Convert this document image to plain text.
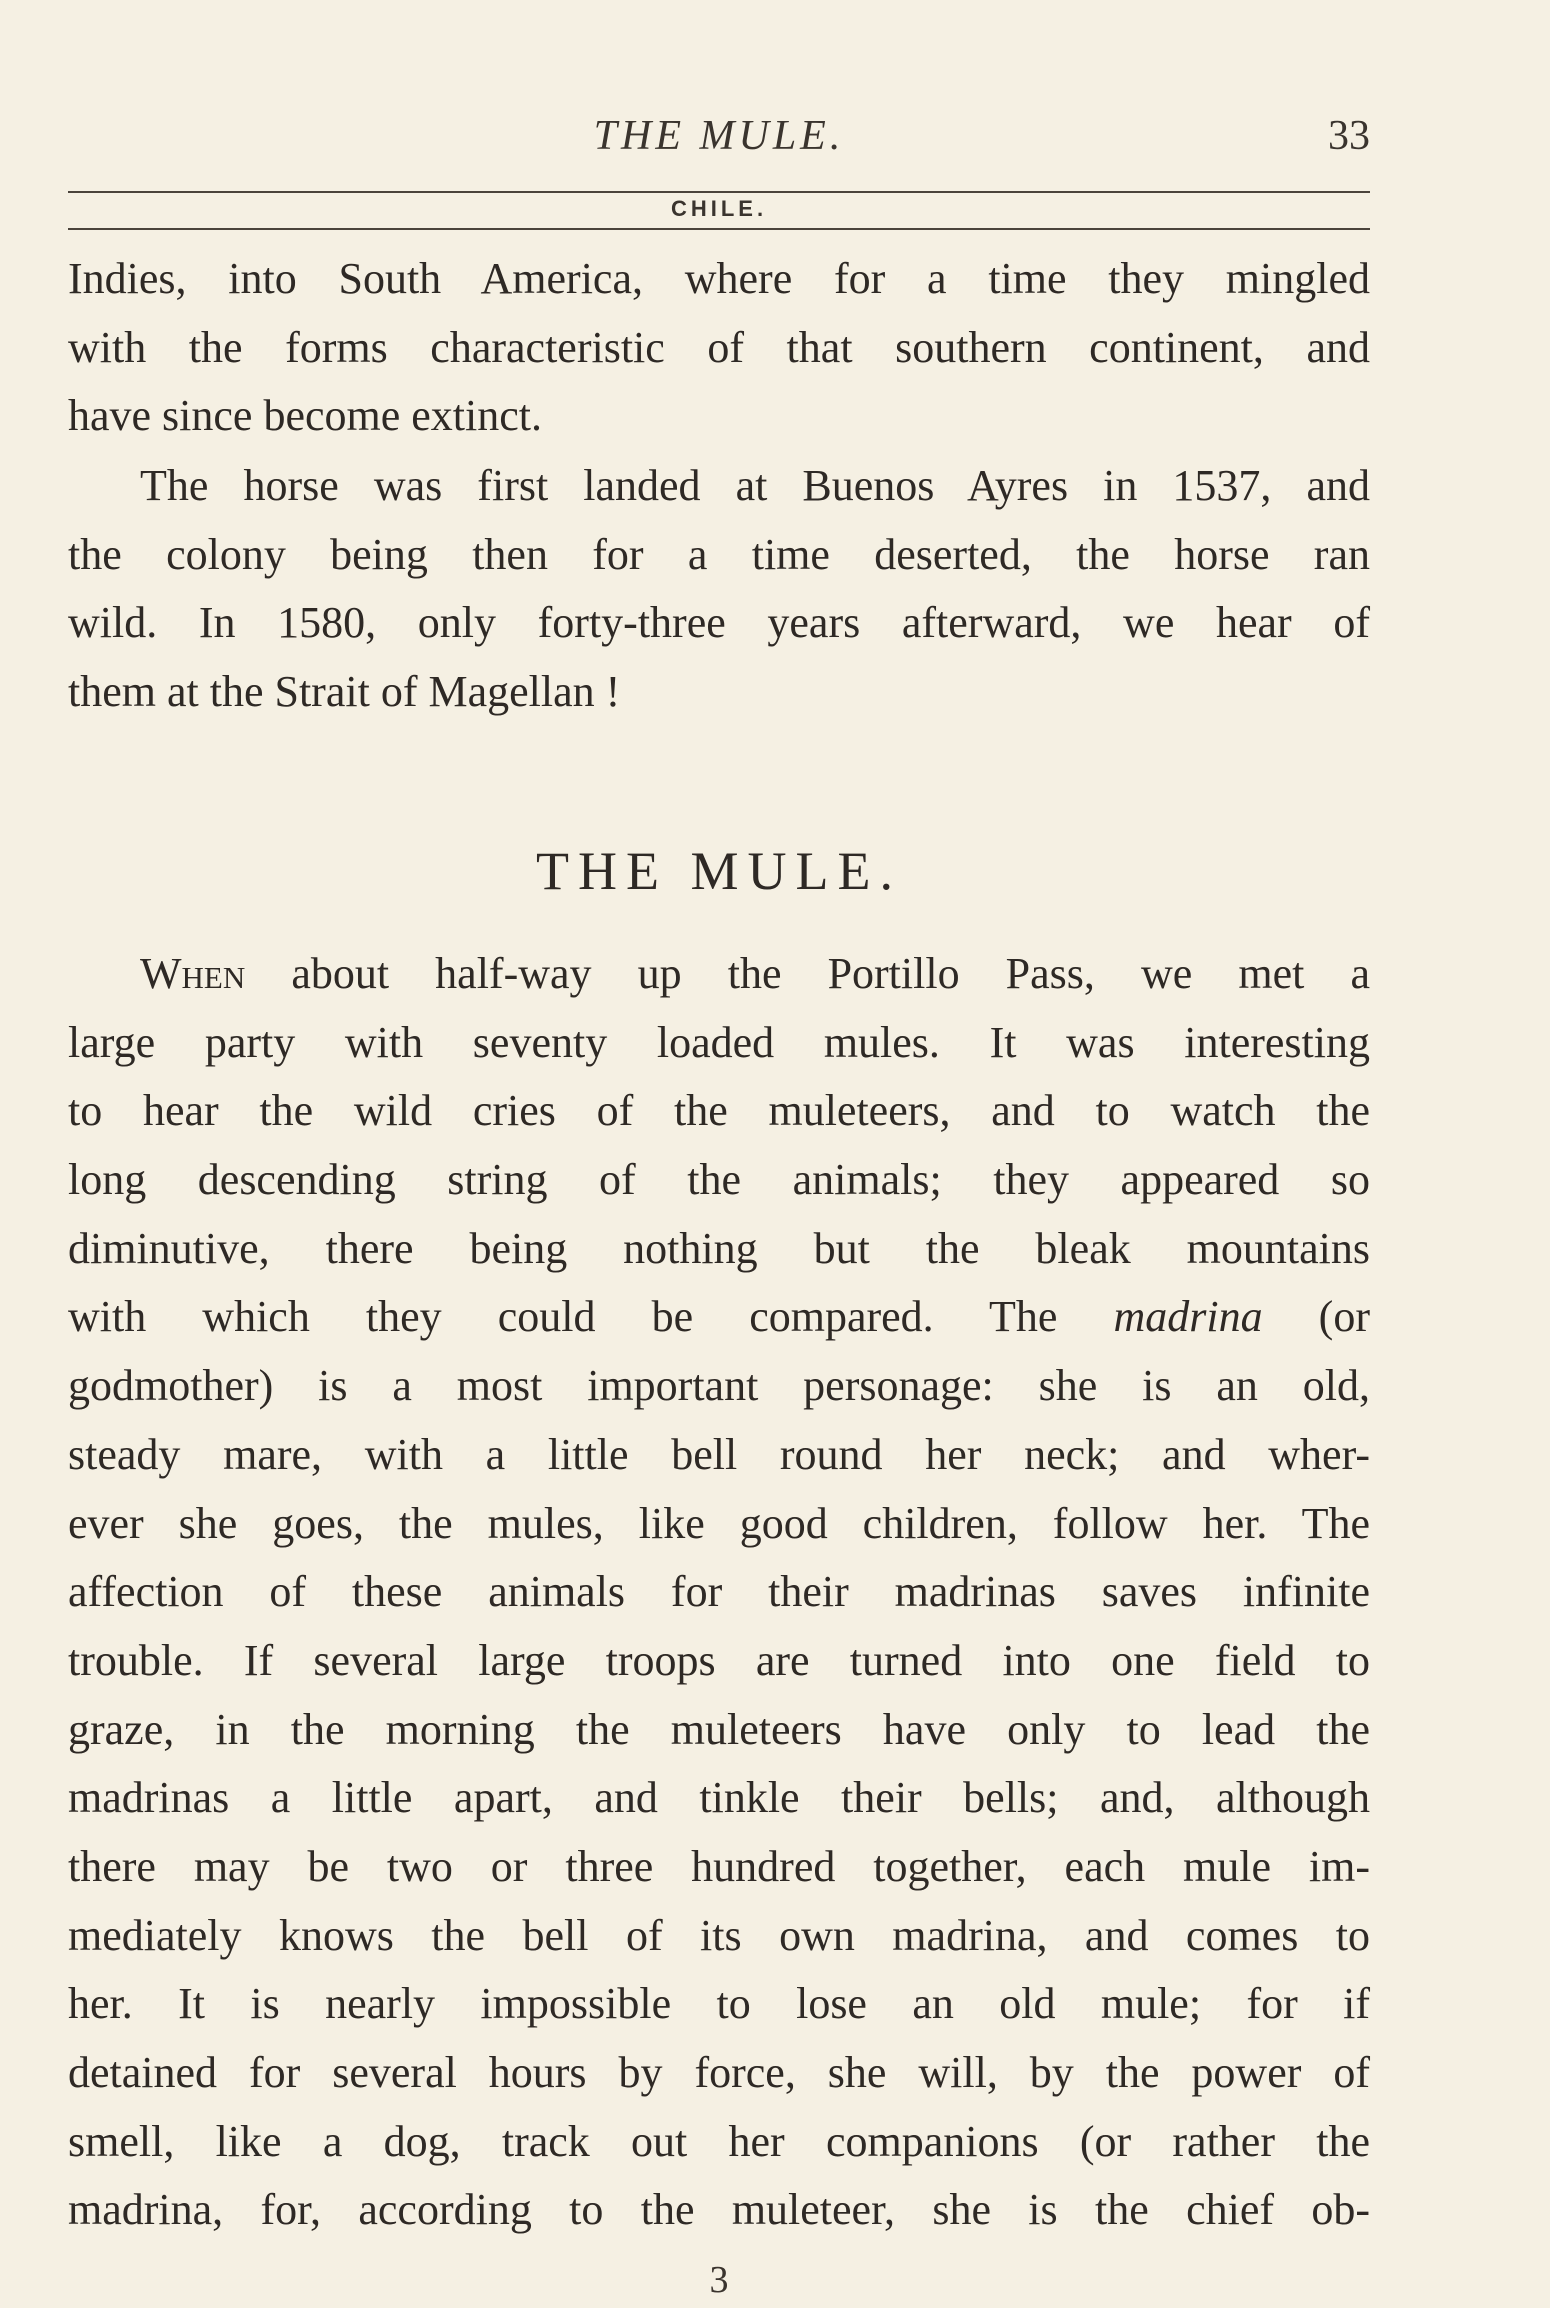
THE MULE.	33
CHILE.
Indies, into South America, where for a time they mingled
with the forms characteristic of that southern continent, and
have since become extinct.
The horse was first landed at Buenos Ayres in 1537, and
the colony being then for a time deserted, the horse ran
wild. In 1580, only forty-three years afterward, we hear of
them at the Strait of Magellan !
THE MULE.
When about half-way up the Portillo Pass, we met a
large party with seventy loaded mules. It was interesting
to hear the wild cries of the muleteers, and to watch the
long descending string of the animals; they appeared so
diminutive, there being nothing but the bleak mountains
with which they could be compared. The madrina (or
godmother) is a most important personage: she is an old,
steady mare, with a little bell round her neck; and wher-
ever she goes, the mules, like good children, follow her. The
affection of these animals for their madrinas saves infinite
trouble. If several large troops are turned into one field to
graze, in the morning the muleteers have only to lead the
madrinas a little apart, and tinkle their bells; and, although
there may be two or three hundred together, each mule im-
mediately knows the bell of its own madrina, and comes to
her. It is nearly impossible to lose an old mule; for if
detained for several hours by force, she will, by the power of
smell, like a dog, track out her companions (or rather the
madrina, for, according to the muleteer, she is the chief ob-
3
